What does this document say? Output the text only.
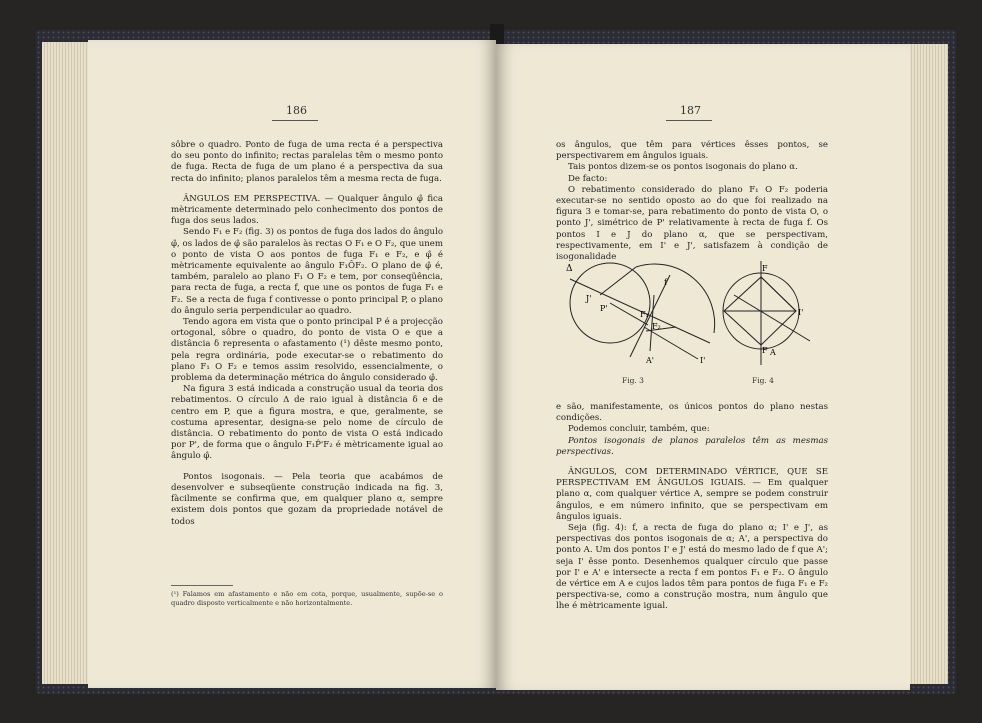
186

sôbre o quadro. Ponto de fuga de uma recta é a perspectiva do seu ponto do infinito; rectas paralelas têm o mesmo ponto de fuga. Recta de fuga de um plano é a perspectiva da sua recta do infinito; planos paralelos têm a mesma recta de fuga.

ÂNGULOS EM PERSPECTIVA. — Qualquer ângulo φ̂ fica mètricamente determinado pelo conhecimento dos pontos de fuga dos seus lados.

Sendo F₁ e F₂ (fig. 3) os pontos de fuga dos lados do ângulo φ̂, os lados de φ̂ são paralelos às rectas O F₁ e O F₂, que unem o ponto de vista O aos pontos de fuga F₁ e F₂, e φ̂ é mètricamente equivalente ao ângulo F₁ÔF₂. O plano de φ̂ é, também, paralelo ao plano F₁ O F₂ e tem, por conseqüência, para recta de fuga, a recta f, que une os pontos de fuga F₁ e F₂. Se a recta de fuga f contivesse o ponto principal P, o plano do ângulo seria perpendicular ao quadro.

Tendo agora em vista que o ponto principal P é a projecção ortogonal, sôbre o quadro, do ponto de vista O e que a distância δ representa o afastamento (¹) dêste mesmo ponto, pela regra ordinária, pode executar-se o rebatimento do plano F₁ O F₂ e temos assim resolvido, essencialmente, o problema da determinação métrica do ângulo considerado φ̂.

Na figura 3 está indicada a construção usual da teoria dos rebatimentos. O círculo Δ de raio igual à distância δ e de centro em P, que a figura mostra, e que, geralmente, se costuma apresentar, designa-se pelo nome de círculo de distância. O rebatimento do ponto de vista O está indicado por P', de forma que o ângulo F₁P̂'F₂ é mètricamente igual ao ângulo φ̂.

Pontos isogonais. — Pela teoria que acabámos de desenvolver e subseqüente construção indicada na fig. 3, fàcilmente se confirma que, em qualquer plano α, sempre existem dois pontos que gozam da propriedade notável de todos

(¹) Falamos em afastamento e não em cota, porque, usualmente, supõe-se o quadro disposto verticalmente e não horizontalmente.
187

os ângulos, que têm para vértices êsses pontos, se perspectivarem em ângulos iguais.

Tais pontos dizem-se os pontos isogonais do plano α.

De facto:

O rebatimento considerado do plano F₁ O F₂ poderia executar-se no sentido oposto ao do que foi realizado na figura 3 e tomar-se, para rebatimento do ponto de vista O, o ponto J', simétrico de P' relativamente à recta de fuga f. Os pontos I e J do plano α, que se perspectivam, respectivamente, em I' e J', satisfazem à condição de isogonalidade

Δ
J'
P'
F₁
f
F₂
A'	I'
Fig. 3
F
F A
I'
Fig. 4

e são, manifestamente, os únicos pontos do plano nestas condições.

Podemos concluir, também, que:

Pontos isogonais de planos paralelos têm as mesmas perspectivas.

ÂNGULOS, COM DETERMINADO VÉRTICE, QUE SE PERSPECTIVAM EM ÂNGULOS IGUAIS. — Em qualquer plano α, com qualquer vértice A, sempre se podem construir ângulos, e em número infinito, que se perspectivam em ângulos iguais.

Seja (fig. 4): f, a recta de fuga do plano α; I' e J', as perspectivas dos pontos isogonais de α; A', a perspectiva do ponto A. Um dos pontos I' e J' está do mesmo lado de f que A'; seja I' êsse ponto. Desenhemos qualquer círculo que passe por I' e A' e intersecte a recta f em pontos F₁ e F₂. O ângulo de vértice em A e cujos lados têm para pontos de fuga F₁ e F₂ perspectiva-se, como a construção mostra, num ângulo que lhe é mètricamente igual.
